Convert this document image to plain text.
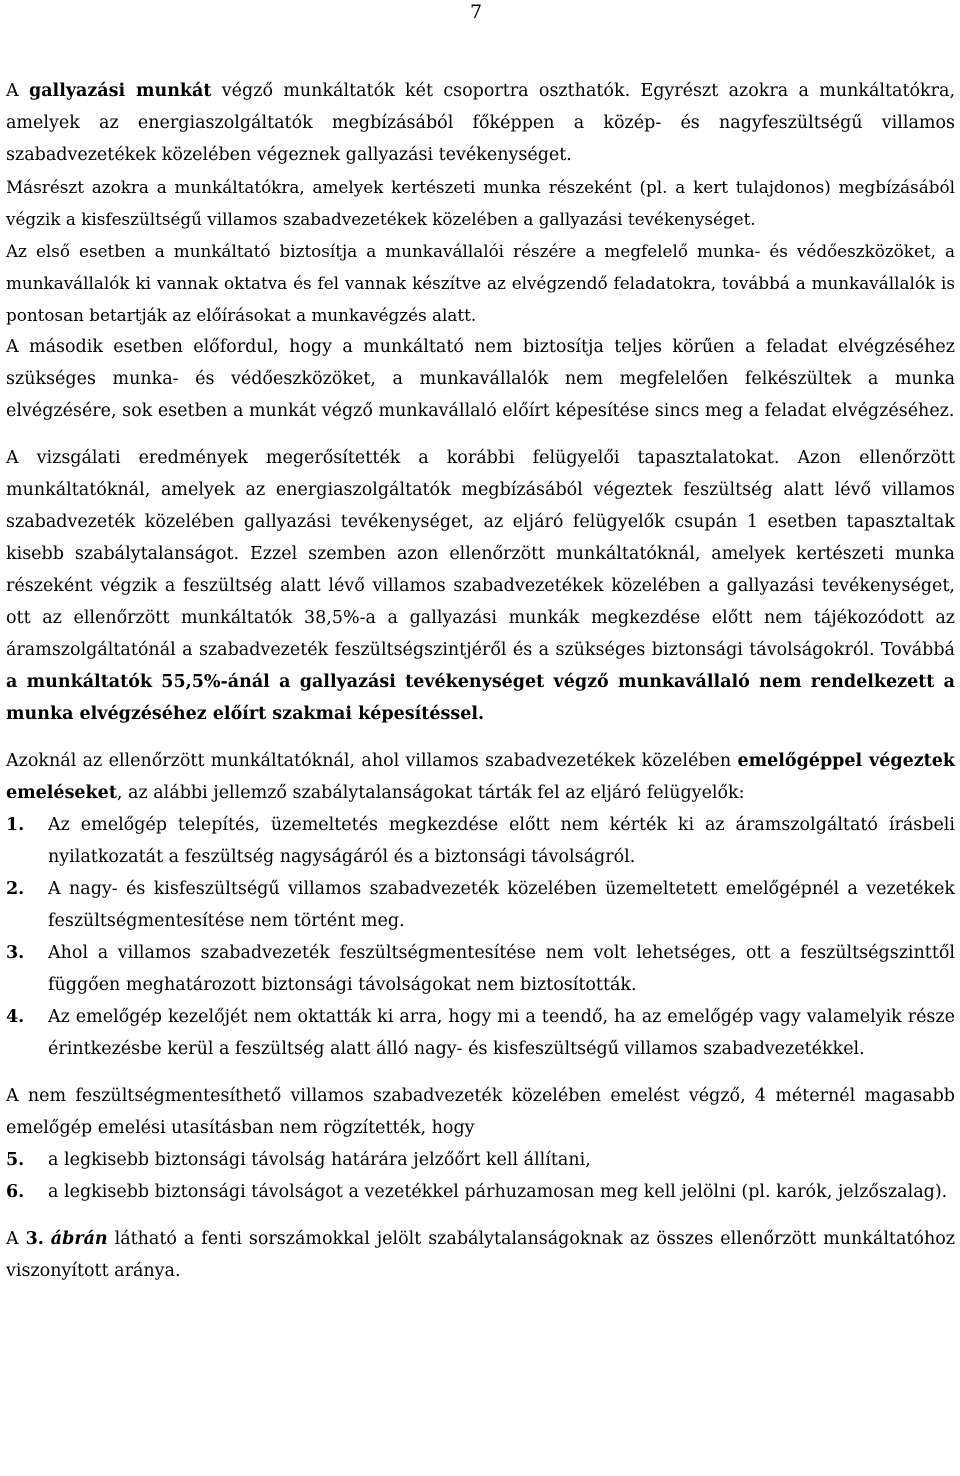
7

A gallyazási munkát végző munkáltatók két csoportra oszthatók. Egyrészt azokra a munkáltatókra, amelyek az energiaszolgáltatók megbízásából főképpen a közép- és nagyfeszültségű villamos szabadvezetékek közelében végeznek gallyazási tevékenységet.

Másrészt azokra a munkáltatókra, amelyek kertészeti munka részeként (pl. a kert tulajdonos) megbízásából végzik a kisfeszültségű villamos szabadvezetékek közelében a gallyazási tevékenységet.

Az első esetben a munkáltató biztosítja a munkavállalói részére a megfelelő munka- és védőeszközöket, a munkavállalók ki vannak oktatva és fel vannak készítve az elvégzendő feladatokra, továbbá a munkavállalók is pontosan betartják az előírásokat a munkavégzés alatt.

A második esetben előfordul, hogy a munkáltató nem biztosítja teljes körűen a feladat elvégzéséhez szükséges munka- és védőeszközöket, a munkavállalók nem megfelelően felkészültek a munka elvégzésére, sok esetben a munkát végző munkavállaló előírt képesítése sincs meg a feladat elvégzéséhez.

A vizsgálati eredmények megerősítették a korábbi felügyelői tapasztalatokat. Azon ellenőrzött munkáltatóknál, amelyek az energiaszolgáltatók megbízásából végeztek feszültség alatt lévő villamos szabadvezeték közelében gallyazási tevékenységet, az eljáró felügyelők csupán 1 esetben tapasztaltak kisebb szabálytalanságot. Ezzel szemben azon ellenőrzött munkáltatóknál, amelyek kertészeti munka részeként végzik a feszültség alatt lévő villamos szabadvezetékek közelében a gallyazási tevékenységet, ott az ellenőrzött munkáltatók 38,5%-a a gallyazási munkák megkezdése előtt nem tájékozódott az áramszolgáltatónál a szabadvezeték feszültségszintjéről és a szükséges biztonsági távolságokról. Továbbá a munkáltatók 55,5%-ánál a gallyazási tevékenységet végző munkavállaló nem rendelkezett a munka elvégzéséhez előírt szakmai képesítéssel.

Azoknál az ellenőrzött munkáltatóknál, ahol villamos szabadvezetékek közelében emelőgéppel végeztek emeléseket, az alábbi jellemző szabálytalanságokat tárták fel az eljáró felügyelők:

1.	Az emelőgép telepítés, üzemeltetés megkezdése előtt nem kérték ki az áramszolgáltató írásbeli nyilatkozatát a feszültség nagyságáról és a biztonsági távolságról.
2.	A nagy- és kisfeszültségű villamos szabadvezeték közelében üzemeltetett emelőgépnél a vezetékek feszültségmentesítése nem történt meg.
3.	Ahol a villamos szabadvezeték feszültségmentesítése nem volt lehetséges, ott a feszültségszinttől függően meghatározott biztonsági távolságokat nem biztosították.
4.	Az emelőgép kezelőjét nem oktatták ki arra, hogy mi a teendő, ha az emelőgép vagy valamelyik része érintkezésbe kerül a feszültség alatt álló nagy- és kisfeszültségű villamos szabadvezetékkel.

A nem feszültségmentesíthető villamos szabadvezeték közelében emelést végző, 4 méternél magasabb emelőgép emelési utasításban nem rögzítették, hogy

5.	a legkisebb biztonsági távolság határára jelzőőrt kell állítani,
6.	a legkisebb biztonsági távolságot a vezetékkel párhuzamosan meg kell jelölni (pl. karók, jelzőszalag).

A 3. ábrán látható a fenti sorszámokkal jelölt szabálytalanságoknak az összes ellenőrzött munkáltatóhoz viszonyított aránya.
